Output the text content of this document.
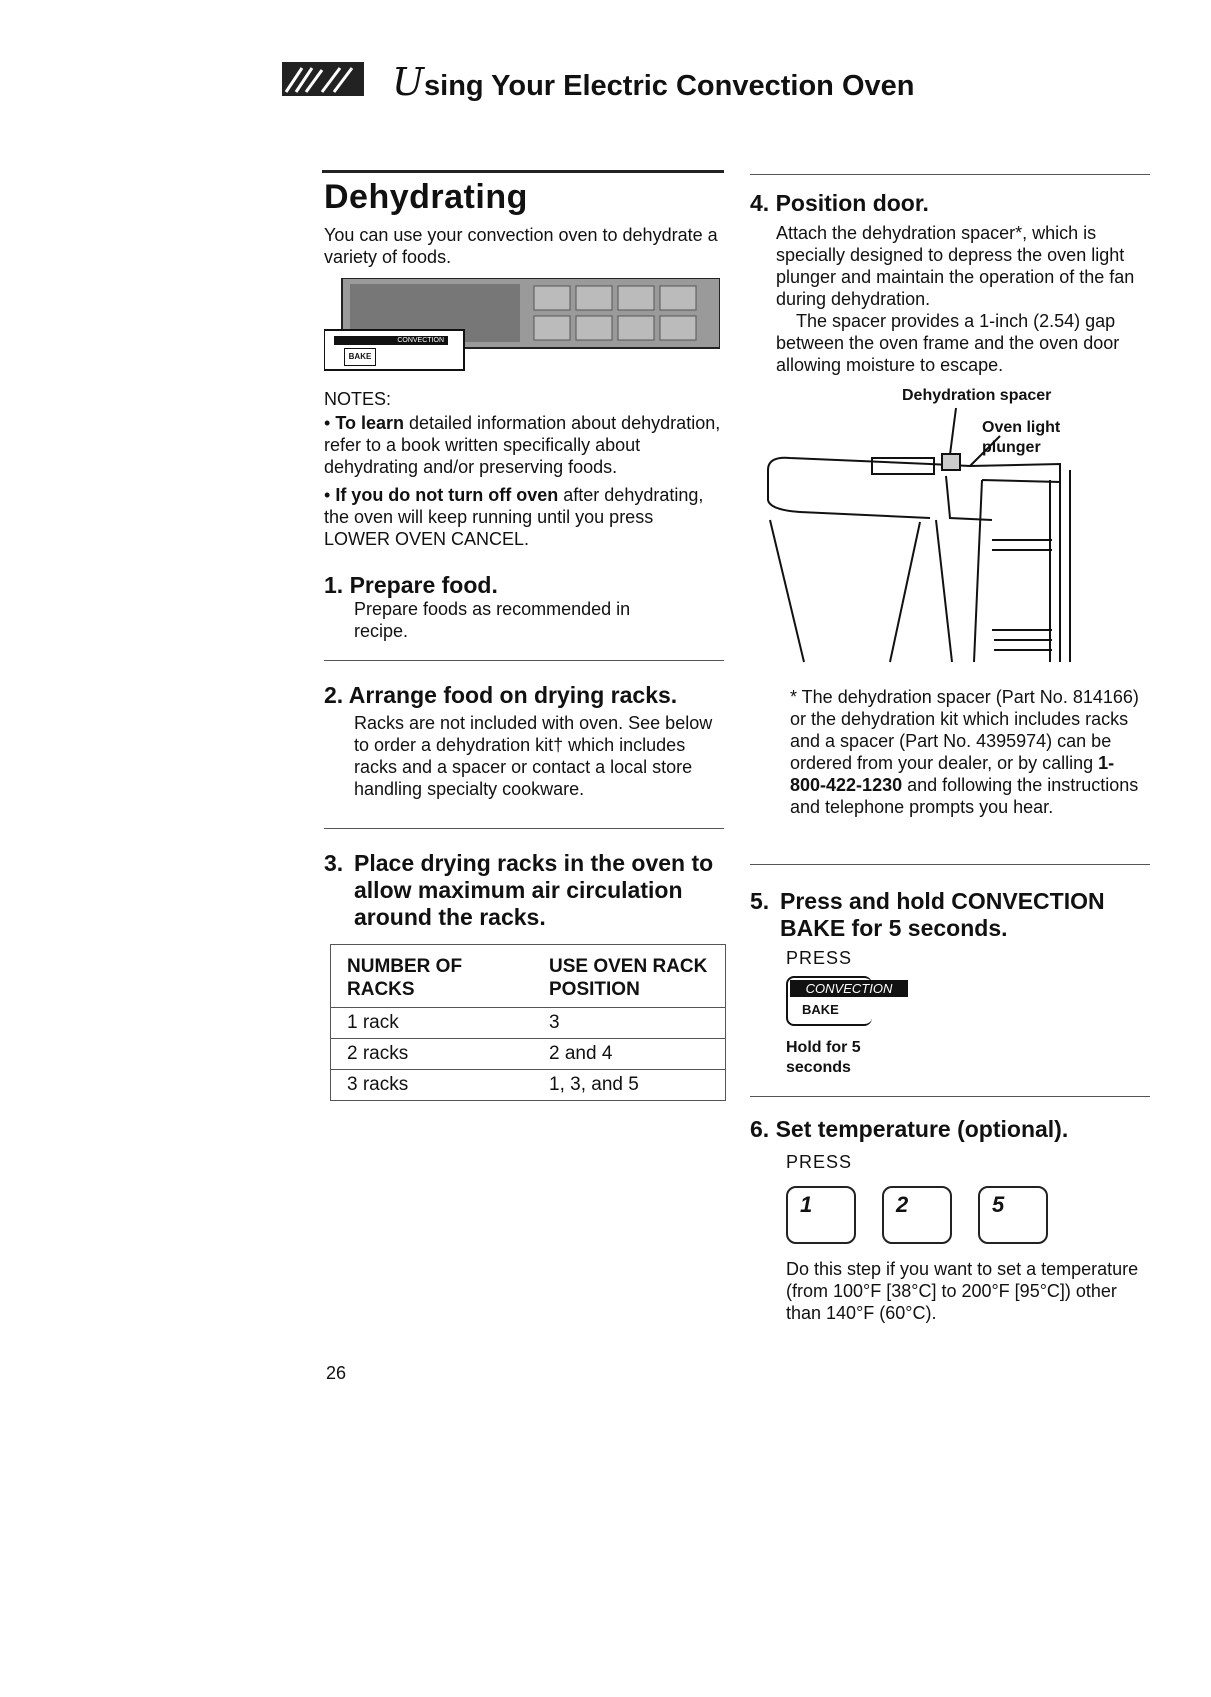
Using Your Electric Convection Oven
Dehydrating
You can use your convection oven to dehydrate a variety of foods.
CONVECTION
BAKE
NOTES:
• To learn detailed information about dehydration, refer to a book written specifically about dehydrating and/or preserving foods.
• If you do not turn off oven after dehydrating, the oven will keep running until you press LOWER OVEN CANCEL.
1. Prepare food.
Prepare foods as recommended in recipe.
2. Arrange food on drying racks.
Racks are not included with oven. See below to order a dehydration kit† which includes racks and a spacer or contact a local store handling specialty cookware.
3. Place drying racks in the oven to allow maximum air circulation around the racks.
NUMBER OF RACKS	USE OVEN RACK POSITION
1 rack	3
2 racks	2 and 4
3 racks	1, 3, and 5
4. Position door.
Attach the dehydration spacer*, which is specially designed to depress the oven light plunger and maintain the operation of the fan during dehydration.
The spacer provides a 1-inch (2.54) gap between the oven frame and the oven door allowing moisture to escape.
Dehydration spacer
Oven light plunger
* The dehydration spacer (Part No. 814166) or the dehydration kit which includes racks and a spacer (Part No. 4395974) can be ordered from your dealer, or by calling 1-800-422-1230 and following the instructions and telephone prompts you hear.
5. Press and hold CONVECTION BAKE for 5 seconds.
PRESS
CONVECTION
BAKE
Hold for 5 seconds
6. Set temperature (optional).
PRESS
1	2	5
Do this step if you want to set a temperature (from 100°F [38°C] to 200°F [95°C]) other than 140°F (60°C).
26
